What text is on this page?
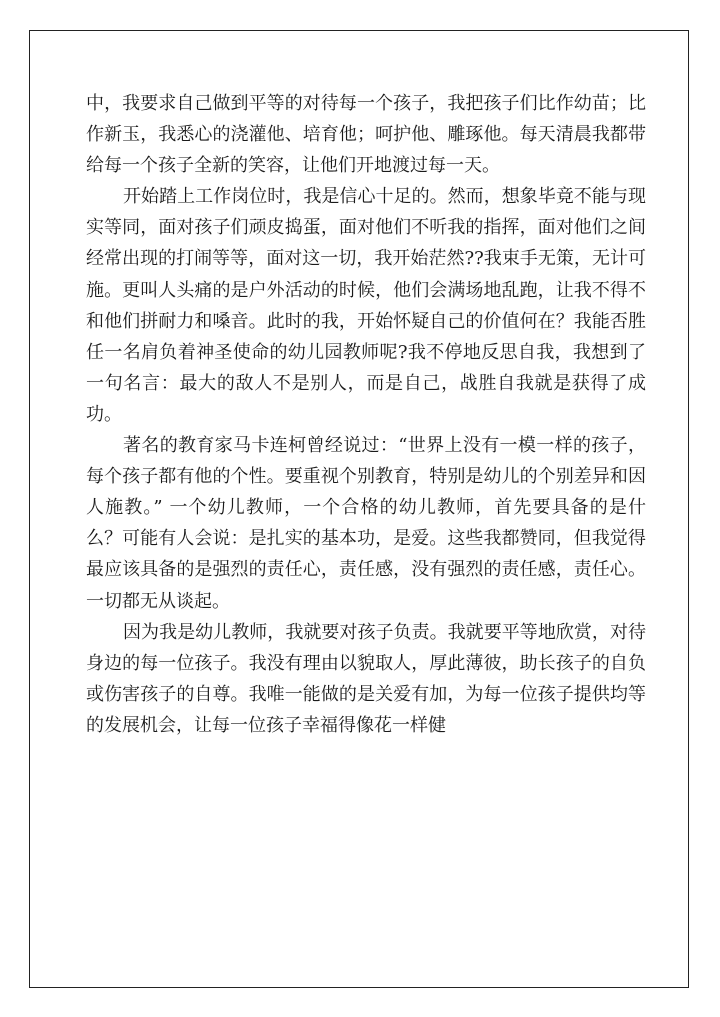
中，我要求自己做到平等的对待每一个孩子，我把孩子们比作幼苗；比作新玉，我悉心的浇灌他、培育他；呵护他、雕琢他。每天清晨我都带给每一个孩子全新的笑容，让他们开地渡过每一天。

开始踏上工作岗位时，我是信心十足的。然而，想象毕竟不能与现实等同，面对孩子们顽皮捣蛋，面对他们不听我的指挥，面对他们之间经常出现的打闹等等，面对这一切，我开始茫然??我束手无策，无计可施。更叫人头痛的是户外活动的时候，他们会满场地乱跑，让我不得不和他们拼耐力和嗓音。此时的我，开始怀疑自己的价值何在？我能否胜任一名肩负着神圣使命的幼儿园教师呢?我不停地反思自我，我想到了一句名言：最大的敌人不是别人，而是自己，战胜自我就是获得了成功。

著名的教育家马卡连柯曾经说过：“世界上没有一模一样的孩子，每个孩子都有他的个性。要重视个别教育，特别是幼儿的个别差异和因人施教。” 一个幼儿教师，一个合格的幼儿教师，首先要具备的是什么？可能有人会说：是扎实的基本功，是爱。这些我都赞同，但我觉得最应该具备的是强烈的责任心，责任感，没有强烈的责任感，责任心。一切都无从谈起。

因为我是幼儿教师，我就要对孩子负责。我就要平等地欣赏，对待身边的每一位孩子。我没有理由以貌取人，厚此薄彼，助长孩子的自负或伤害孩子的自尊。我唯一能做的是关爱有加，为每一位孩子提供均等的发展机会，让每一位孩子幸福得像花一样健
